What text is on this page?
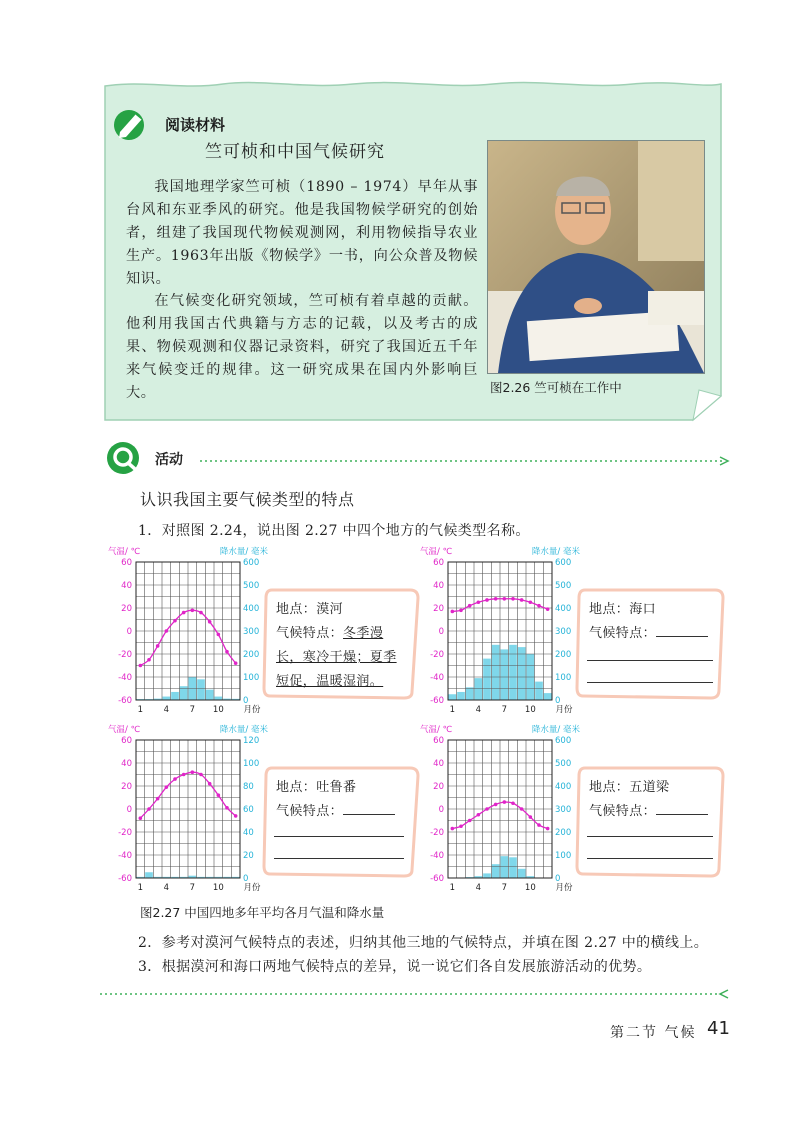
阅读材料
竺可桢和中国气候研究
我国地理学家竺可桢（1890 – 1974）早年从事台风和东亚季风的研究。他是我国物候学研究的创始者，组建了我国现代物候观测网，利用物候指导农业生产。1963年出版《物候学》一书，向公众普及物候知识。
在气候变化研究领域，竺可桢有着卓越的贡献。他利用我国古代典籍与方志的记载，以及考古的成果、物候观测和仪器记录资料，研究了我国近五千年来气候变迁的规律。这一研究成果在国内外影响巨大。	图2.26 竺可桢在工作中
活动
认识我国主要气候类型的特点
1．对照图 2.24，说出图 2.27 中四个地方的气候类型名称。
气温/ ℃	降水量/ 毫米
60
40
20
0
-20
-40
-60
600
500
400
300
200
100
0
1 4 7 10 月份
气温/ ℃	降水量/ 毫米
60
40
20
0
-20
-40
-60
600
500
400
300
200
100
0
1 4 7 10 月份
气温/ ℃	降水量/ 毫米
60
40
20
0
-20
-40
-60
120
100
80
60
40
20
0
1 4 7 10 月份
气温/ ℃	降水量/ 毫米
60
40
20
0
-20
-40
-60
600
500
400
300
200
100
0
1 4 7 10 月份
地点：漠河
气候特点：冬季漫
长，寒冷干燥；夏季
短促，温暖湿润。
地点：海口
气候特点：
地点：吐鲁番
气候特点：
地点：五道梁
气候特点：
图2.27 中国四地多年平均各月气温和降水量
2．参考对漠河气候特点的表述，归纳其他三地的气候特点，并填在图 2.27 中的横线上。
3．根据漠河和海口两地气候特点的差异，说一说它们各自发展旅游活动的优势。
第二节 气候 41
